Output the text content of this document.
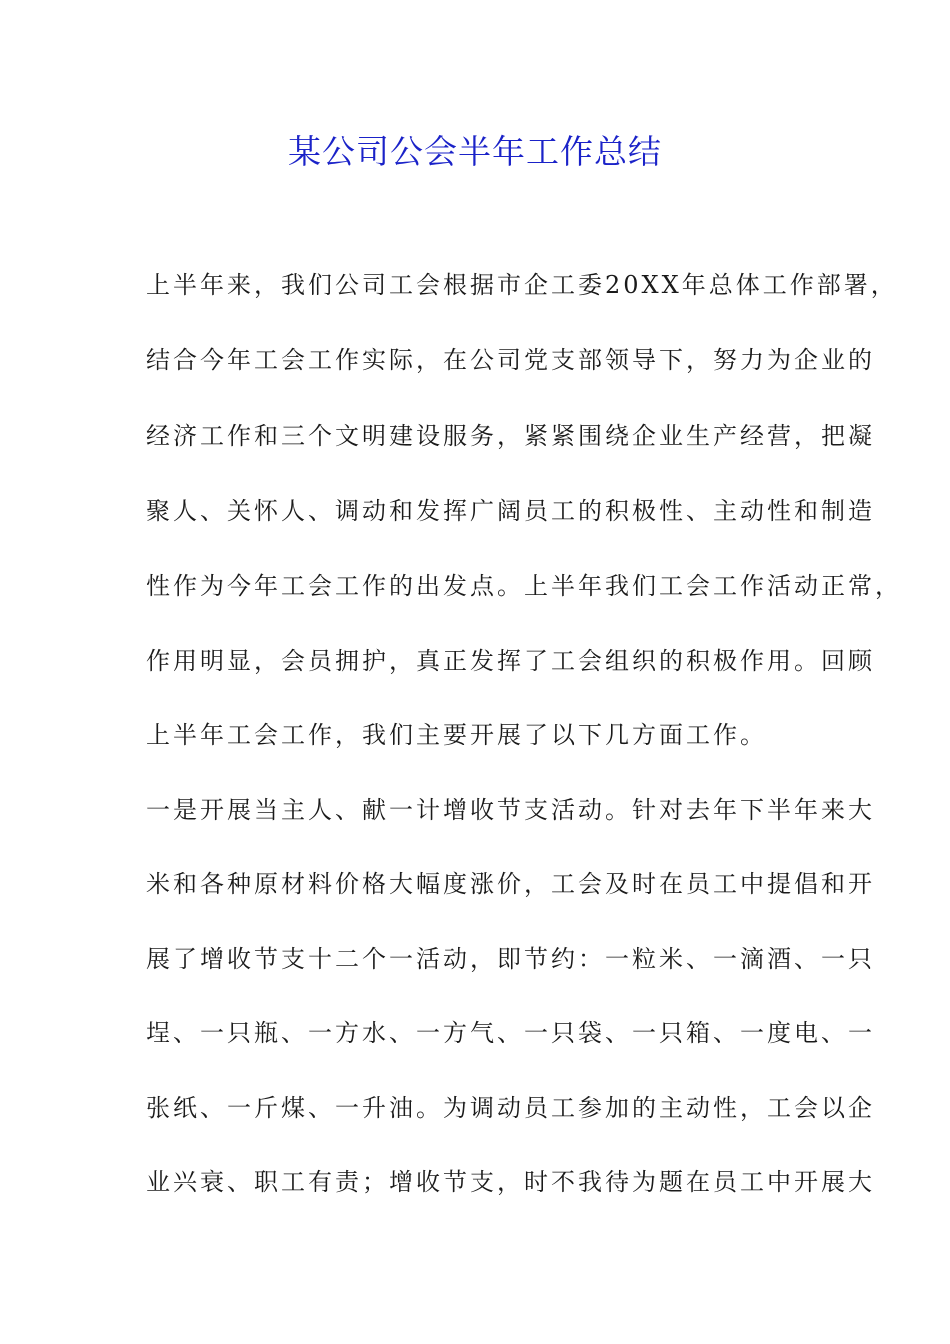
某公司公会半年工作总结
上半年来，我们公司工会根据市企工委20XX年总体工作部署，
结合今年工会工作实际，在公司党支部领导下，努力为企业的
经济工作和三个文明建设服务，紧紧围绕企业生产经营，把凝
聚人、关怀人、调动和发挥广阔员工的积极性、主动性和制造
性作为今年工会工作的出发点。上半年我们工会工作活动正常，
作用明显，会员拥护，真正发挥了工会组织的积极作用。回顾
上半年工会工作，我们主要开展了以下几方面工作。
一是开展当主人、献一计增收节支活动。针对去年下半年来大
米和各种原材料价格大幅度涨价，工会及时在员工中提倡和开
展了增收节支十二个一活动，即节约：一粒米、一滴酒、一只
埕、一只瓶、一方水、一方气、一只袋、一只箱、一度电、一
张纸、一斤煤、一升油。为调动员工参加的主动性，工会以企
业兴衰、职工有责；增收节支，时不我待为题在员工中开展大
